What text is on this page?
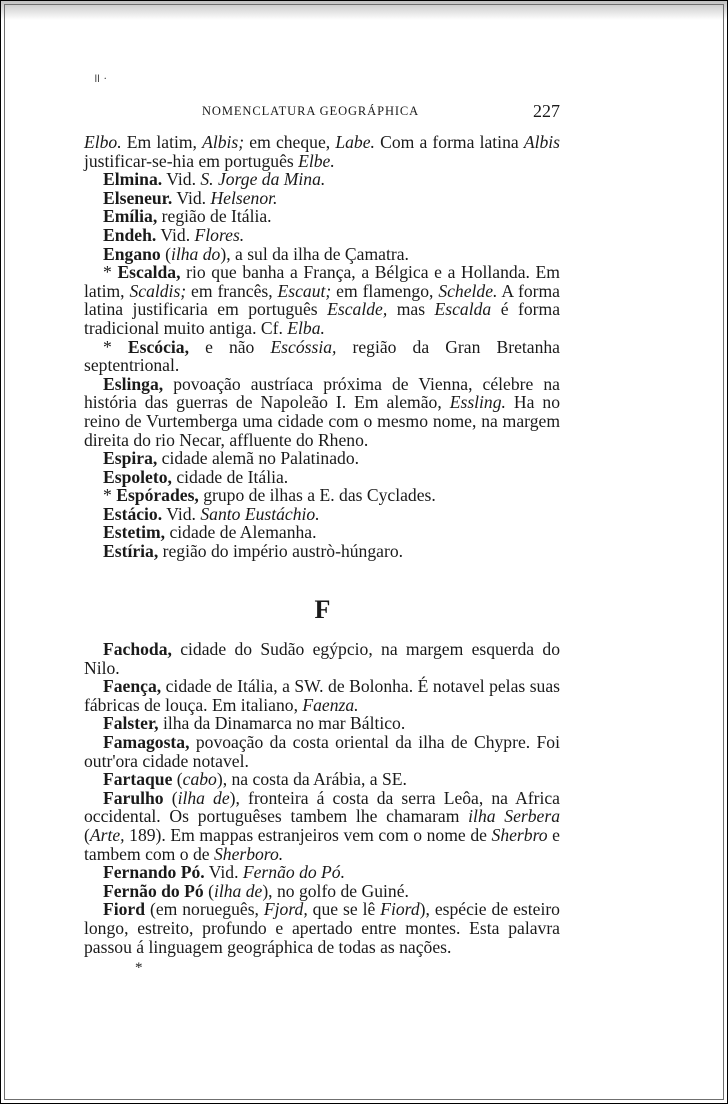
॥ ·
NOMENCLATURA GEOGRÁPHICA	227

Elbo. Em latim, Albis; em cheque, Labe. Com a forma latina Albis justificar-se-hia em português Elbe.

Elmina. Vid. S. Jorge da Mina.

Elseneur. Vid. Helsenor.

Emília, região de Itália.

Endeh. Vid. Flores.

Engano (ilha do), a sul da ilha de Çamatra.

* Escalda, rio que banha a França, a Bélgica e a Hollanda. Em latim, Scaldis; em francês, Escaut; em flamengo, Schelde. A forma latina justificaria em português Escalde, mas Escalda é forma tradicional muito antiga. Cf. Elba.

* Escócia, e não Escóssia, região da Gran Bretanha septentrional.

Eslinga, povoação austríaca próxima de Vienna, célebre na história das guerras de Napoleão I. Em alemão, Essling. Ha no reino de Vurtemberga uma cidade com o mesmo nome, na margem direita do rio Necar, affluente do Rheno.

Espira, cidade alemã no Palatinado.

Espoleto, cidade de Itália.

* Espórades, grupo de ilhas a E. das Cyclades.

Estácio. Vid. Santo Eustáchio.

Estetim, cidade de Alemanha.

Estíria, região do império austrò-húngaro.

F

Fachoda, cidade do Sudão egýpcio, na margem esquerda do Nilo.

Faença, cidade de Itália, a SW. de Bolonha. É notavel pelas suas fábricas de louça. Em italiano, Faenza.

Falster, ilha da Dinamarca no mar Báltico.

Famagosta, povoação da costa oriental da ilha de Chypre. Foi outr'ora cidade notavel.

Fartaque (cabo), na costa da Arábia, a SE.

Farulho (ilha de), fronteira á costa da serra Leôa, na Africa occidental. Os portuguêses tambem lhe chamaram ilha Serbera (Arte, 189). Em mappas estranjeiros vem com o nome de Sherbro e tambem com o de Sherboro.

Fernando Pó. Vid. Fernão do Pó.

Fernão do Pó (ilha de), no golfo de Guiné.

Fiord (em norueguês, Fjord, que se lê Fiord), espécie de esteiro longo, estreito, profundo e apertado entre montes. Esta palavra passou á linguagem geográphica de todas as nações.

*
